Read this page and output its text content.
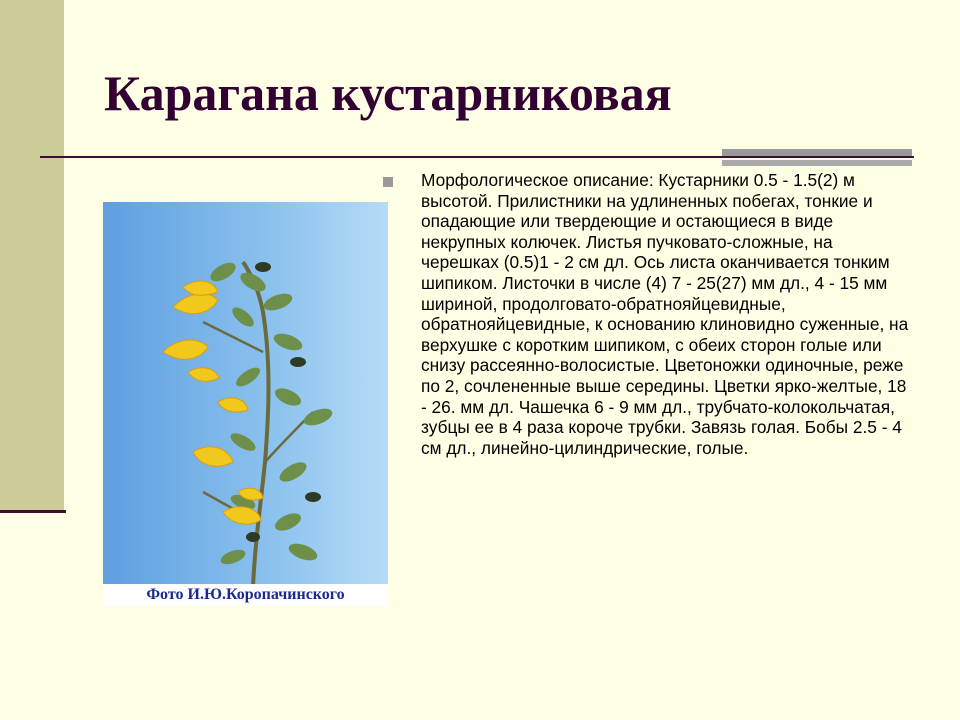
Карагана кустарниковая
Фото И.Ю.Коропачинского

Морфологическое описание: Кустарники 0.5 - 1.5(2) м высотой. Прилистники на удлиненных побегах, тонкие и опадающие или твердеющие и остающиеся в виде некрупных колючек. Листья пучковато-сложные, на черешках (0.5)1 - 2 см дл. Ось листа оканчивается тонким шипиком. Листочки в числе (4) 7 - 25(27) мм дл., 4 - 15 мм шириной, продолговато-обратнояйцевидные, обратнояйцевидные, к основанию клиновидно суженные, на верхушке с коротким шипиком, с обеих сторон голые или снизу рассеянно-волосистые. Цветоножки одиночные, реже по 2, сочлененные выше середины. Цветки ярко-желтые, 18 - 26. мм дл. Чашечка 6 - 9 мм дл., трубчато-колокольчатая, зубцы ее в 4 раза короче трубки. Завязь голая. Бобы 2.5 - 4 см дл., линейно-цилиндрические, голые.
